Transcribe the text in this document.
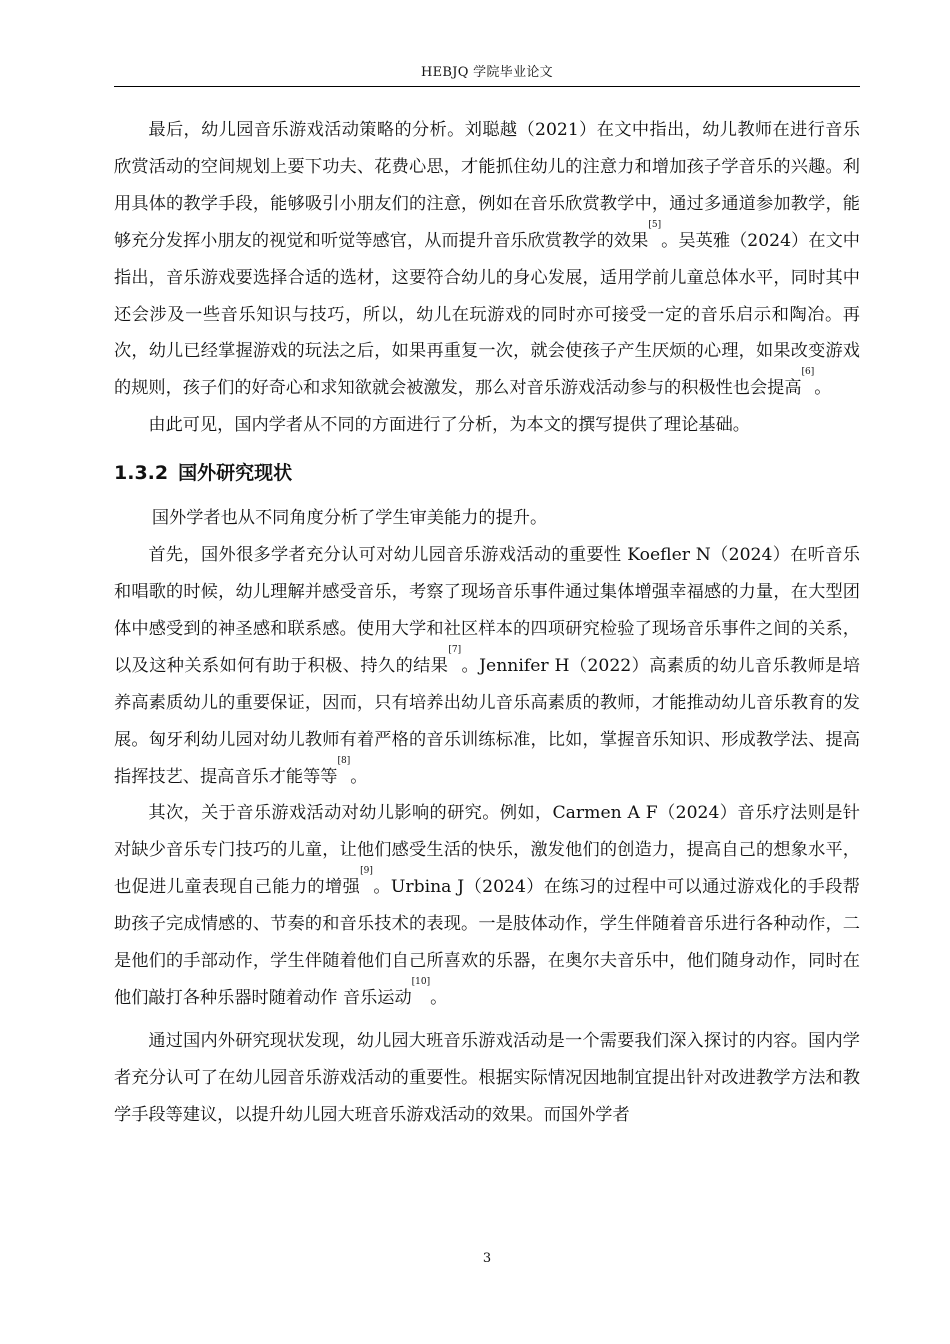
HEBJQ 学院毕业论文

最后，幼儿园音乐游戏活动策略的分析。刘聪越（2021）在文中指出，幼儿教师在进行音乐欣赏活动的空间规划上要下功夫、花费心思，才能抓住幼儿的注意力和增加孩子学音乐的兴趣。利用具体的教学手段，能够吸引小朋友们的注意，例如在音乐欣赏教学中，通过多通道参加教学，能够充分发挥小朋友的视觉和听觉等感官，从而提升音乐欣赏教学的效果[5]。吴英雅（2024）在文中指出，音乐游戏要选择合适的选材，这要符合幼儿的身心发展，适用学前儿童总体水平，同时其中还会涉及一些音乐知识与技巧，所以，幼儿在玩游戏的同时亦可接受一定的音乐启示和陶冶。再次，幼儿已经掌握游戏的玩法之后，如果再重复一次，就会使孩子产生厌烦的心理，如果改变游戏的规则，孩子们的好奇心和求知欲就会被激发，那么对音乐游戏活动参与的积极性也会提高[6]。

由此可见，国内学者从不同的方面进行了分析，为本文的撰写提供了理论基础。

1.3.2 国外研究现状

国外学者也从不同角度分析了学生审美能力的提升。

首先，国外很多学者充分认可对幼儿园音乐游戏活动的重要性 Koefler N（2024）在听音乐和唱歌的时候，幼儿理解并感受音乐，考察了现场音乐事件通过集体增强幸福感的力量，在大型团体中感受到的神圣感和联系感。使用大学和社区样本的四项研究检验了现场音乐事件之间的关系，以及这种关系如何有助于积极、持久的结果[7]。Jennifer H（2022）高素质的幼儿音乐教师是培养高素质幼儿的重要保证，因而，只有培养出幼儿音乐高素质的教师，才能推动幼儿音乐教育的发展。匈牙利幼儿园对幼儿教师有着严格的音乐训练标准，比如，掌握音乐知识、形成教学法、提高指挥技艺、提高音乐才能等等[8]。

其次，关于音乐游戏活动对幼儿影响的研究。例如，Carmen A F（2024）音乐疗法则是针对缺少音乐专门技巧的儿童，让他们感受生活的快乐，激发他们的创造力，提高自己的想象水平，也促进儿童表现自己能力的增强[9]。Urbina J（2024）在练习的过程中可以通过游戏化的手段帮助孩子完成情感的、节奏的和音乐技术的表现。一是肢体动作，学生伴随着音乐进行各种动作，二是他们的手部动作，学生伴随着他们自己所喜欢的乐器，在奥尔夫音乐中，他们随身动作，同时在他们敲打各种乐器时随着动作 音乐运动[10]。

通过国内外研究现状发现，幼儿园大班音乐游戏活动是一个需要我们深入探讨的内容。国内学者充分认可了在幼儿园音乐游戏活动的重要性。根据实际情况因地制宜提出针对改进教学方法和教学手段等建议，以提升幼儿园大班音乐游戏活动的效果。而国外学者

3
